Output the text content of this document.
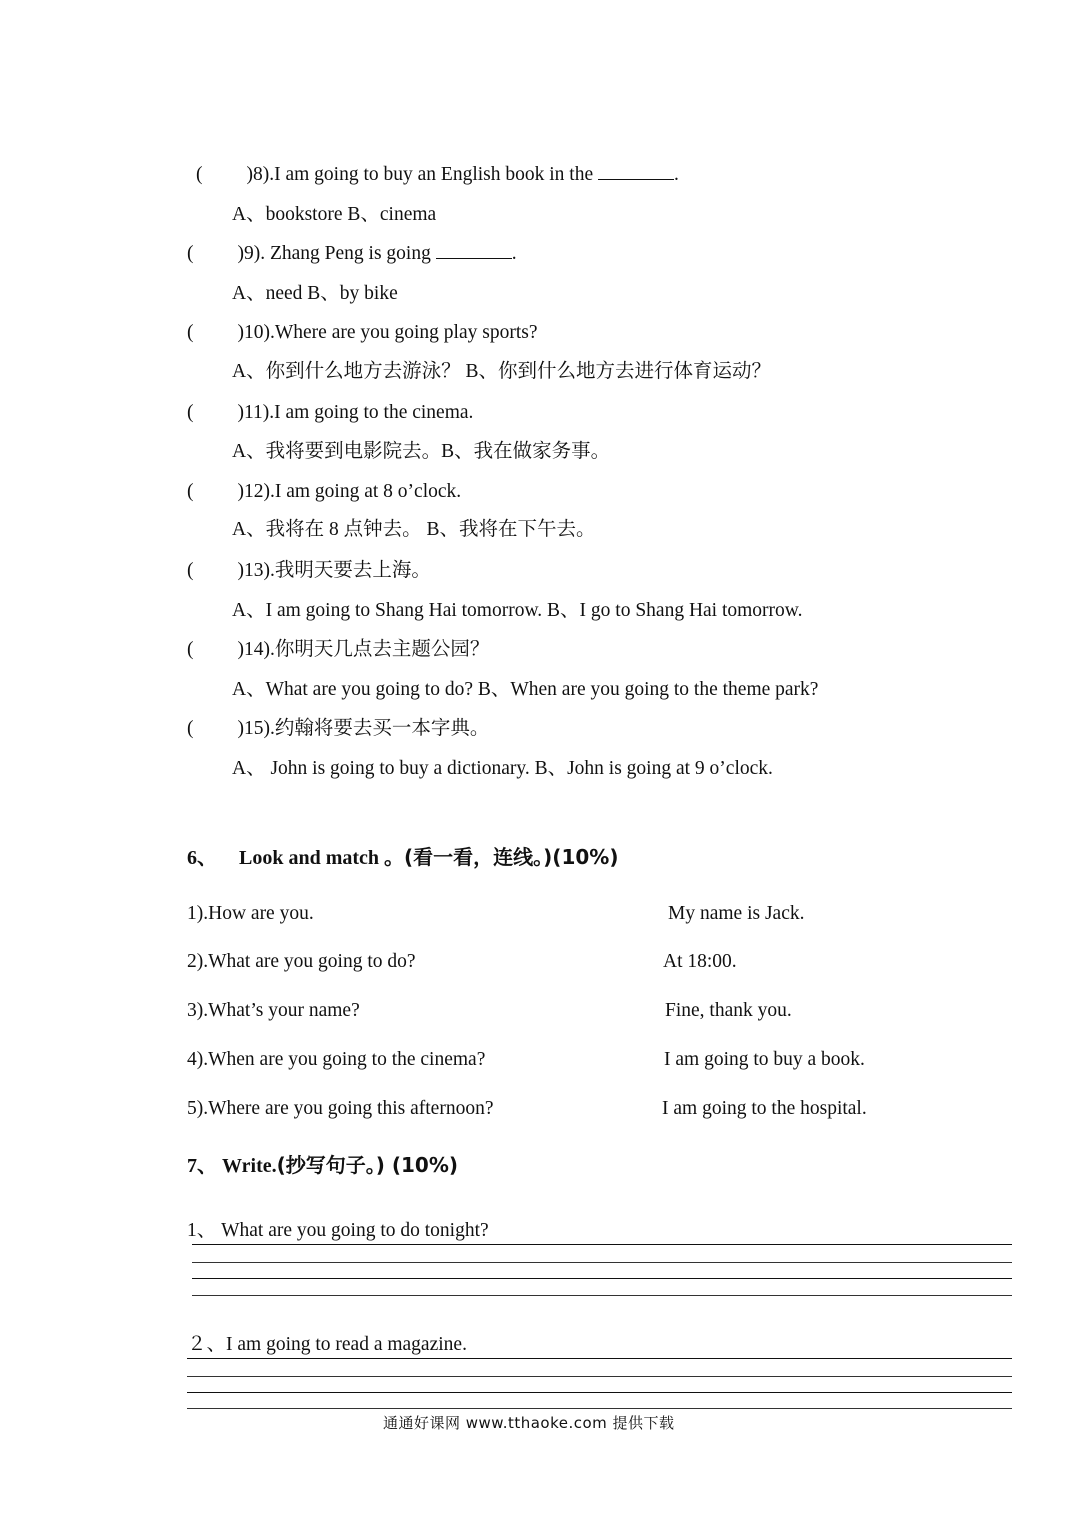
( )8).I am going to buy an English book in the	.
A、bookstore B、cinema
( )9). Zhang Peng is going	.
A、need B、by bike
( )10).Where are you going play sports?
A、你到什么地方去游泳？ B、你到什么地方去进行体育运动？
( )11).I am going to the cinema.
A、我将要到电影院去。B、我在做家务事。
( )12).I am going at 8 o’clock.
A、我将在 8 点钟去。 B、我将在下午去。
( )13).我明天要去上海。
A、I am going to Shang Hai tomorrow. B、I go to Shang Hai tomorrow.
( )14).你明天几点去主题公园？
A、What are you going to do? B、When are you going to the theme park?
( )15).约翰将要去买一本字典。
A、 John is going to buy a dictionary. B、John is going at 9 o’clock.
6、 Look and match 。(看一看，连线。)(10%)
1).How are you.
2).What are you going to do?
3).What’s your name?
4).When are you going to the cinema?
5).Where are you going this afternoon?
My name is Jack.
At 18:00.
Fine, thank you.
I am going to buy a book.
I am going to the hospital.
7、 Write.(抄写句子。) (10%)
1、 What are you going to do tonight?
２、I am going to read a magazine.
通通好课网 www.tthaoke.com 提供下载
